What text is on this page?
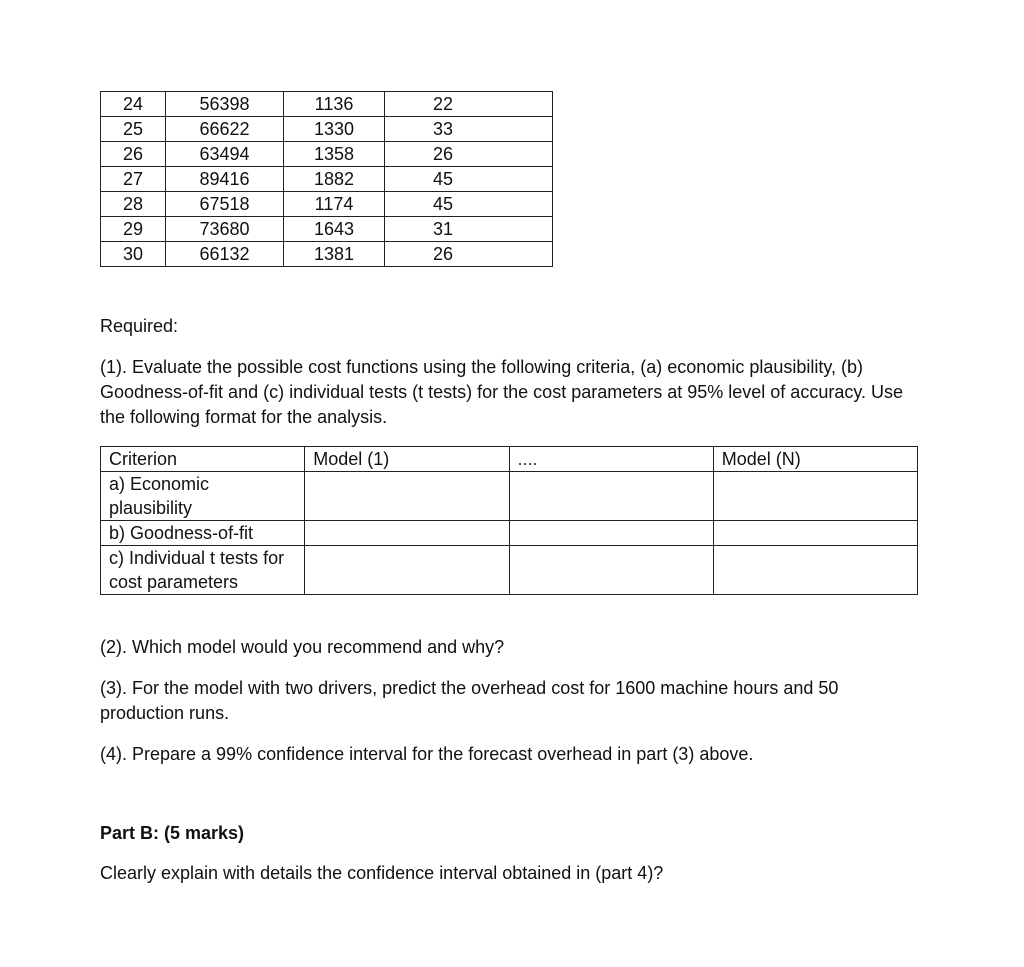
24	56398	1136	22
25	66622	1330	33
26	63494	1358	26
27	89416	1882	45
28	67518	1174	45
29	73680	1643	31
30	66132	1381	26

Required:

(1). Evaluate the possible cost functions using the following criteria, (a) economic plausibility, (b) Goodness-of-fit and (c) individual tests (t tests) for the cost parameters at 95% level of accuracy. Use the following format for the analysis.

Criterion	Model (1)	....	Model (N)
a) Economic plausibility			
b) Goodness-of-fit			
c) Individual t tests for cost parameters			

(2). Which model would you recommend and why?

(3). For the model with two drivers, predict the overhead cost for 1600 machine hours and 50 production runs.

(4). Prepare a 99% confidence interval for the forecast overhead in part (3) above.

Part B: (5 marks)

Clearly explain with details the confidence interval obtained in (part 4)?
